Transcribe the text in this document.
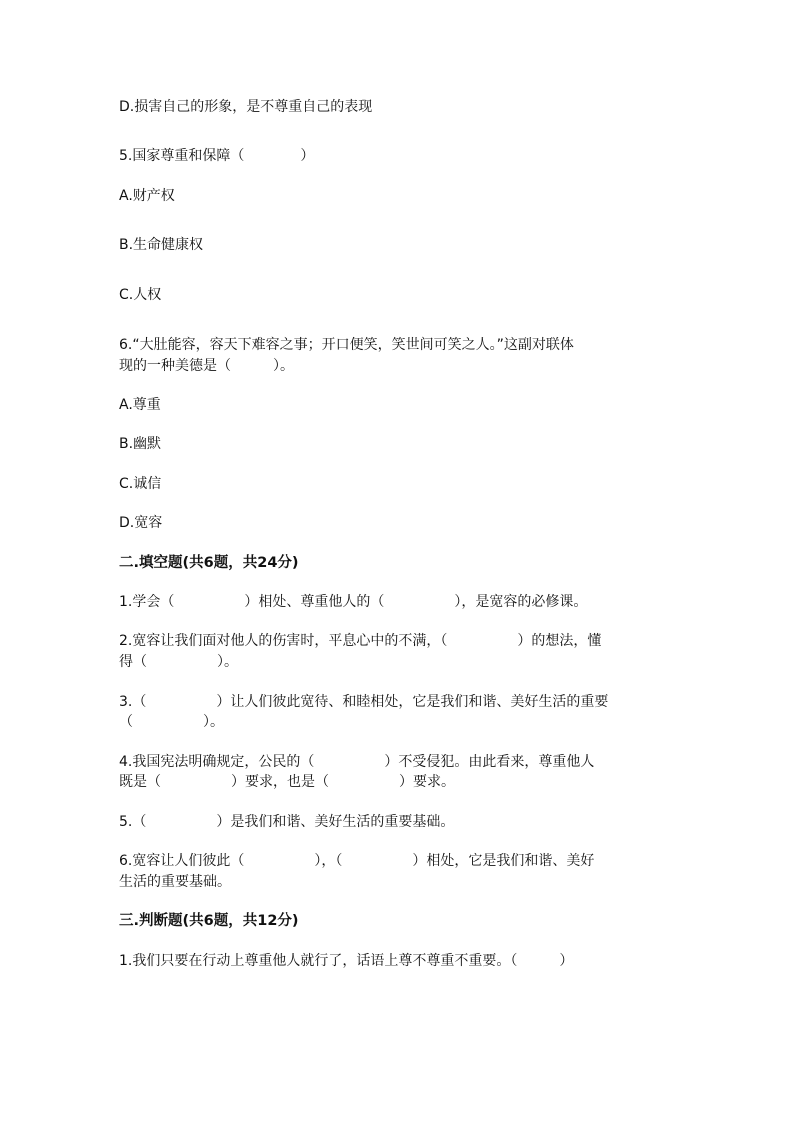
D.损害自己的形象，是不尊重自己的表现

5.国家尊重和保障（　　　　）

A.财产权

B.生命健康权

C.人权

6.“大肚能容，容天下难容之事；开口便笑，笑世间可笑之人。”这副对联体

现的一种美德是（　　　）。

A.尊重

B.幽默

C.诚信

D.宽容

二.填空题(共6题，共24分)

1.学会（　　　　　）相处、尊重他人的（　　　　　），是宽容的必修课。

2.宽容让我们面对他人的伤害时，平息心中的不满，（　　　　　）的想法，懂

得（　　　　　）。

3.（　　　　　）让人们彼此宽待、和睦相处，它是我们和谐、美好生活的重要

（　　　　　）。

4.我国宪法明确规定，公民的（　　　　　）不受侵犯。由此看来，尊重他人

既是（　　　　　）要求，也是（　　　　　）要求。

5.（　　　　　）是我们和谐、美好生活的重要基础。

6.宽容让人们彼此（　　　　　），（　　　　　）相处，它是我们和谐、美好

生活的重要基础。

三.判断题(共6题，共12分)

1.我们只要在行动上尊重他人就行了，话语上尊不尊重不重要。（　　　）
